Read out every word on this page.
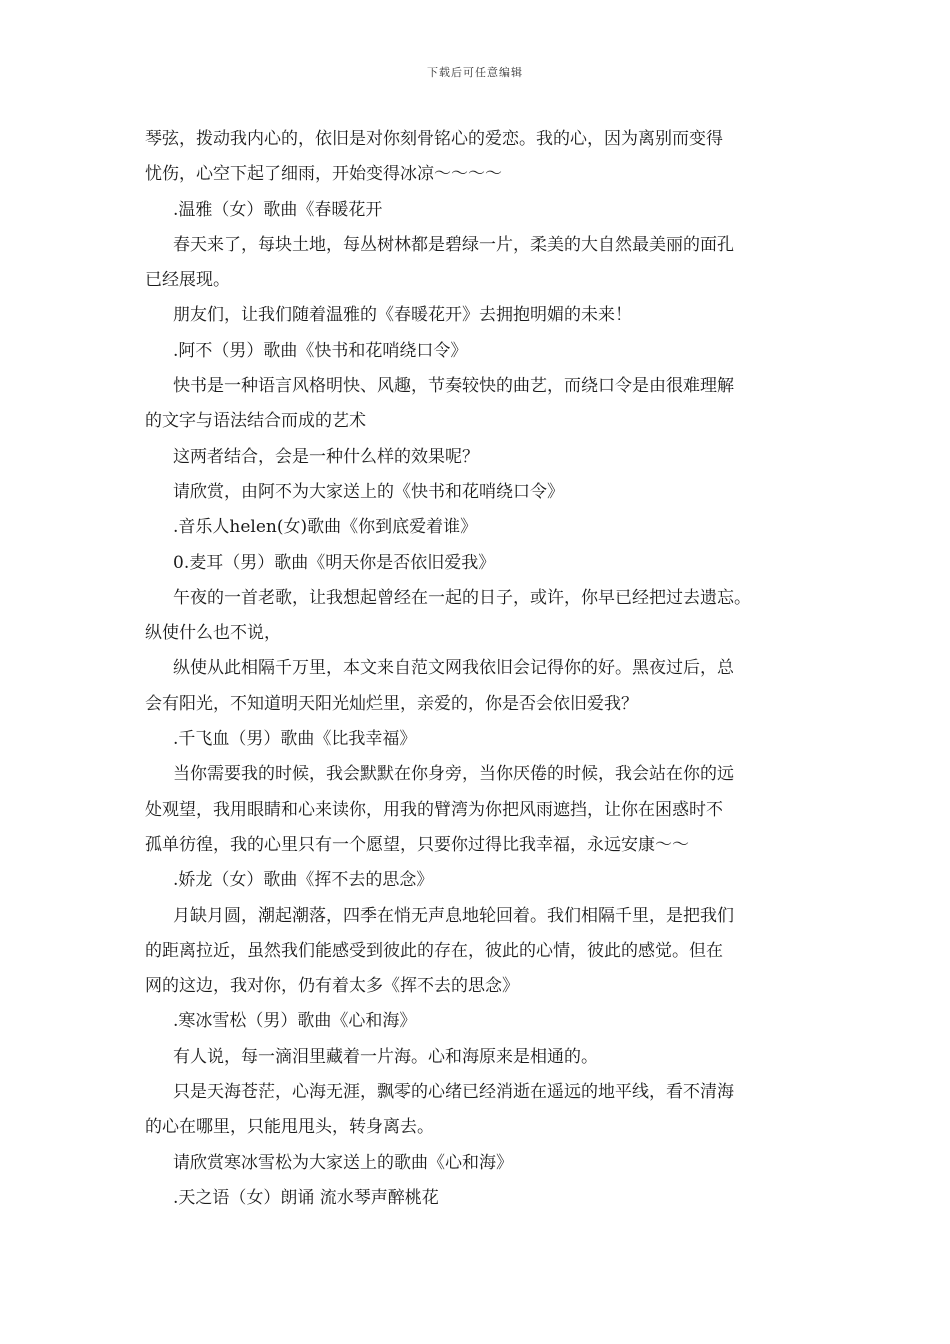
下载后可任意编辑
琴弦，拨动我内心的，依旧是对你刻骨铭心的爱恋。我的心，因为离别而变得
忧伤，心空下起了细雨，开始变得冰凉～～～～
.温雅（女）歌曲《春暖花开
春天来了，每块土地，每丛树林都是碧绿一片，柔美的大自然最美丽的面孔
已经展现。
朋友们，让我们随着温雅的《春暖花开》去拥抱明媚的未来！
.阿不（男）歌曲《快书和花哨绕口令》
快书是一种语言风格明快、风趣，节奏较快的曲艺，而绕口令是由很难理解
的文字与语法结合而成的艺术
这两者结合，会是一种什么样的效果呢？
请欣赏，由阿不为大家送上的《快书和花哨绕口令》
.音乐人helen(女)歌曲《你到底爱着谁》
0.麦耳（男）歌曲《明天你是否依旧爱我》
午夜的一首老歌，让我想起曾经在一起的日子，或许，你早已经把过去遗忘。
纵使什么也不说，
纵使从此相隔千万里，本文来自范文网我依旧会记得你的好。黑夜过后，总
会有阳光，不知道明天阳光灿烂里，亲爱的，你是否会依旧爱我？
.千飞血（男）歌曲《比我幸福》
当你需要我的时候，我会默默在你身旁，当你厌倦的时候，我会站在你的远
处观望，我用眼睛和心来读你，用我的臂湾为你把风雨遮挡，让你在困惑时不
孤单彷徨，我的心里只有一个愿望，只要你过得比我幸福，永远安康～～
.娇龙（女）歌曲《挥不去的思念》
月缺月圆，潮起潮落，四季在悄无声息地轮回着。我们相隔千里，是把我们
的距离拉近，虽然我们能感受到彼此的存在，彼此的心情，彼此的感觉。但在
网的这边，我对你，仍有着太多《挥不去的思念》
.寒冰雪松（男）歌曲《心和海》
有人说，每一滴泪里藏着一片海。心和海原来是相通的。
只是天海苍茫，心海无涯，飘零的心绪已经消逝在遥远的地平线，看不清海
的心在哪里，只能甩甩头，转身离去。
请欣赏寒冰雪松为大家送上的歌曲《心和海》
.天之语（女）朗诵 流水琴声醉桃花
